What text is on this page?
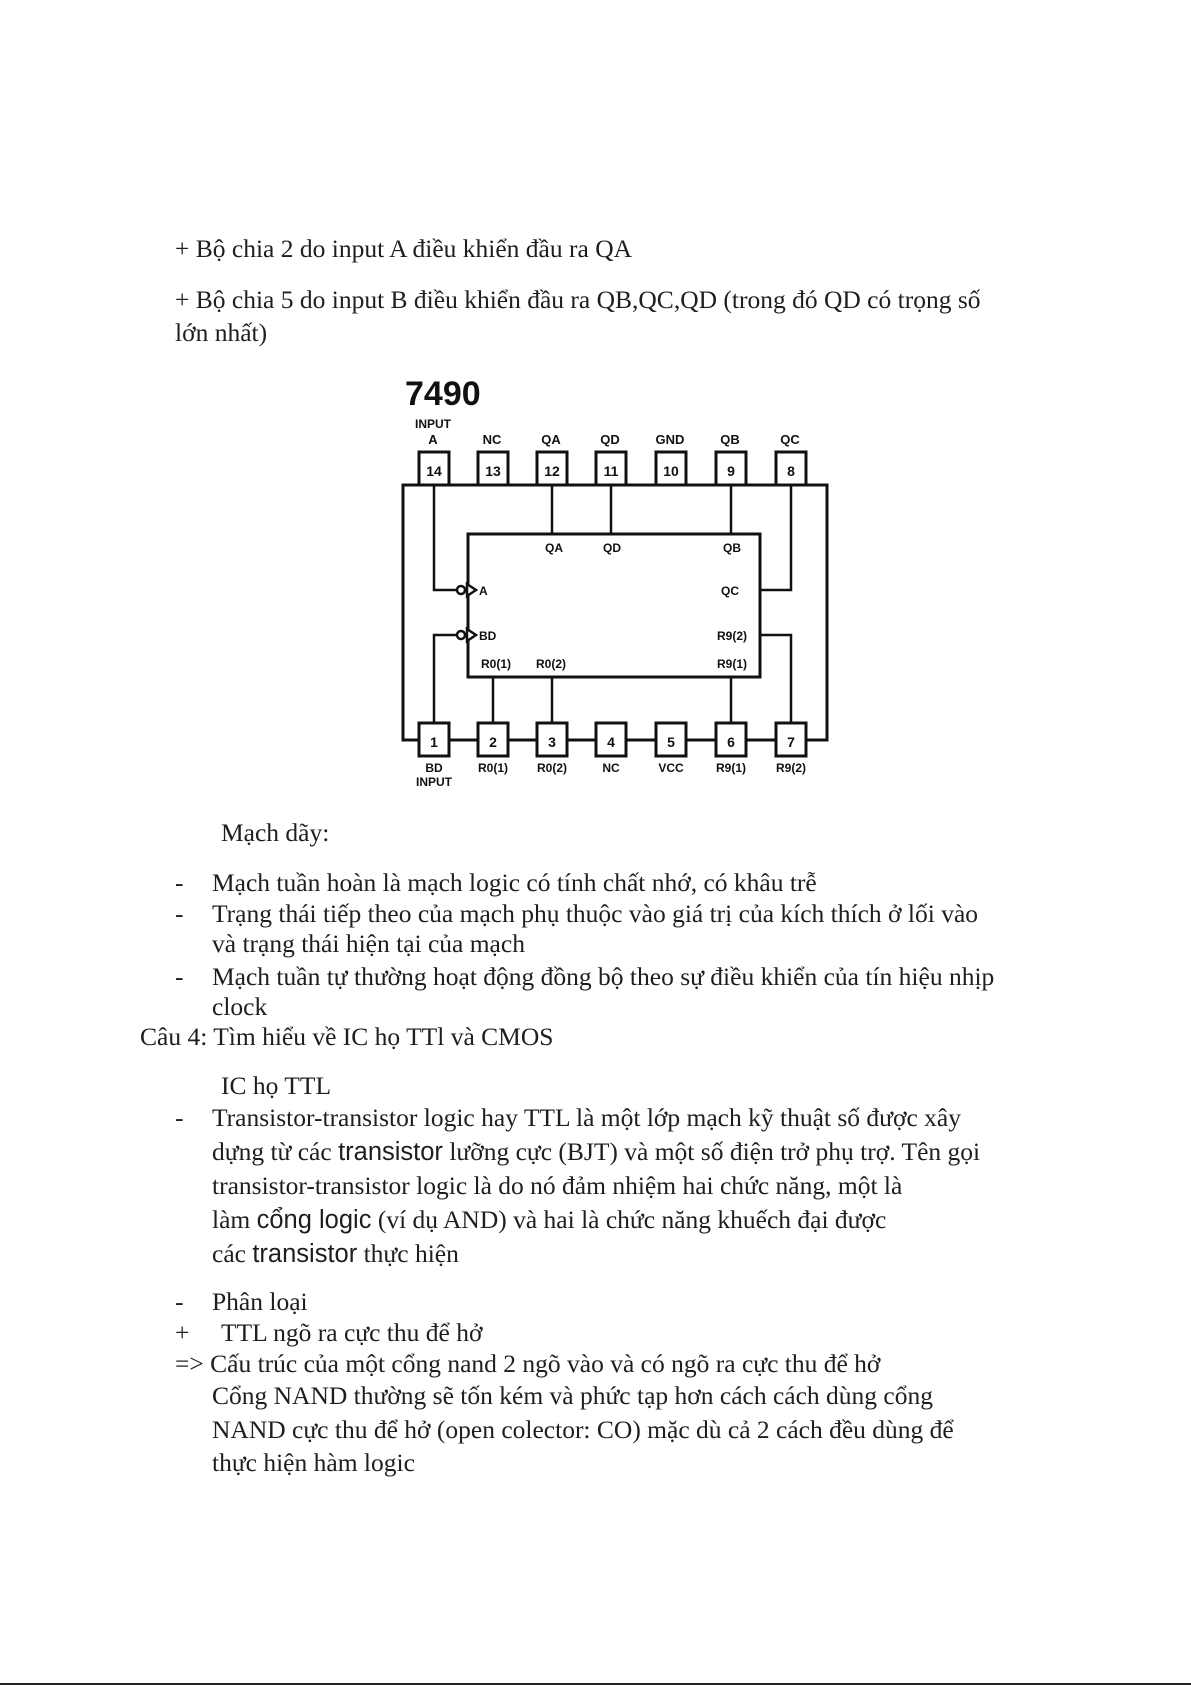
+ Bộ chia 2 do input A điều khiển đầu ra QA

+ Bộ chia 5 do input B điều khiển đầu ra QB,QC,QD (trong đó QD có trọng số

lớn nhất)

7490
INPUT
A	NC	QA	QD	GND	QB	QC
14	13	12	11	10	9	8
1	2	3	4	5	6	7
BD	R0(1) R0(2)	NC	VCC	R9(1) R9(2)
INPUT
QA	QD	QB
A	QC
BD	R9(2)
R0(1) R0(2)	R9(1)

Mạch dãy:

- Mạch tuần hoàn là mạch logic có tính chất nhớ, có khâu trễ

- Trạng thái tiếp theo của mạch phụ thuộc vào giá trị của kích thích ở lối vào

và trạng thái hiện tại của mạch

- Mạch tuần tự thường hoạt động đồng bộ theo sự điều khiển của tín hiệu nhịp

clock

Câu 4: Tìm hiểu về IC họ TTl và CMOS

IC họ TTL

- Transistor-transistor logic hay TTL là một lớp mạch kỹ thuật số được xây

dựng từ các transistor lưỡng cực (BJT) và một số điện trở phụ trợ. Tên gọi

transistor-transistor logic là do nó đảm nhiệm hai chức năng, một là

làm cổng logic (ví dụ AND) và hai là chức năng khuếch đại được

các transistor thực hiện

- Phân loại

+ TTL ngõ ra cực thu để hở

=> Cấu trúc của một cổng nand 2 ngõ vào và có ngõ ra cực thu để hở

Cổng NAND thường sẽ tốn kém và phức tạp hơn cách cách dùng cổng

NAND cực thu để hở (open colector: CO) mặc dù cả 2 cách đều dùng để

thực hiện hàm logic
